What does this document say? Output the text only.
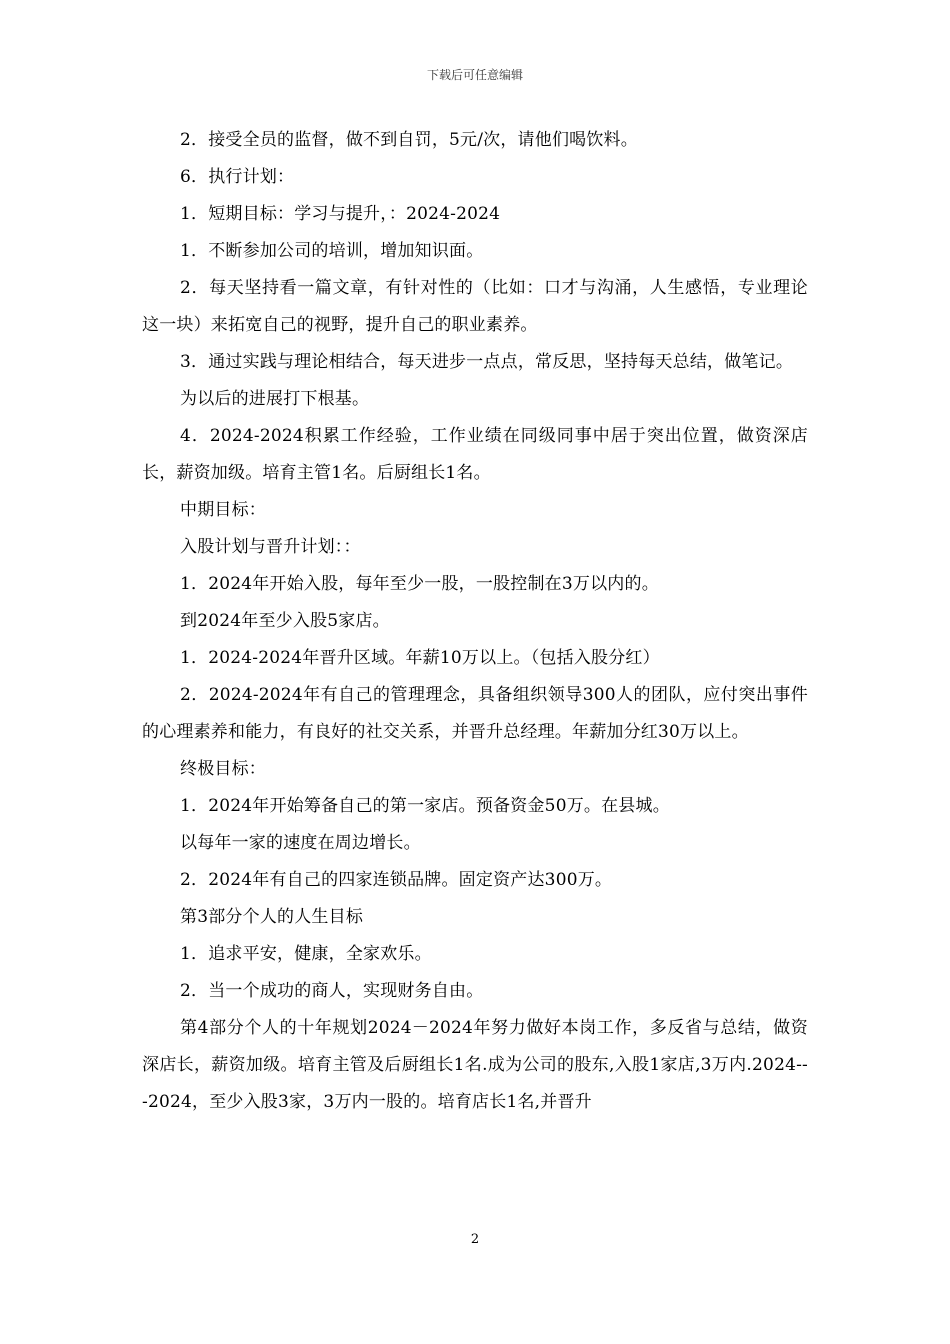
下载后可任意编辑

2．接受全员的监督，做不到自罚，5元/次，请他们喝饮料。

6．执行计划：

1．短期目标：学习与提升，：2024-2024

1．不断参加公司的培训，增加知识面。

2．每天坚持看一篇文章，有针对性的（比如：口才与沟涌，人生感悟，专业理论这一块）来拓宽自己的视野，提升自己的职业素养。

3．通过实践与理论相结合，每天进步一点点，常反思，坚持每天总结，做笔记。

为以后的进展打下根基。

4．2024-2024积累工作经验，工作业绩在同级同事中居于突出位置，做资深店长，薪资加级。培育主管1名。后厨组长1名。

中期目标：

入股计划与晋升计划：：

1．2024年开始入股，每年至少一股，一股控制在3万以内的。

到2024年至少入股5家店。

1．2024-2024年晋升区域。年薪10万以上。（包括入股分红）

2．2024-2024年有自己的管理理念，具备组织领导300人的团队，应付突出事件的心理素养和能力，有良好的社交关系，并晋升总经理。年薪加分红30万以上。

终极目标：

1．2024年开始筹备自己的第一家店。预备资金50万。在县城。

以每年一家的速度在周边增长。

2．2024年有自己的四家连锁品牌。固定资产达300万。

第3部分个人的人生目标

1．追求平安，健康，全家欢乐。

2．当一个成功的商人，实现财务自由。

第4部分个人的十年规划2024－2024年努力做好本岗工作，多反省与总结，做资深店长，薪资加级。培育主管及后厨组长1名.成为公司的股东,入股1家店,3万内.2024---2024，至少入股3家，3万内一股的。培育店长1名,并晋升

2
